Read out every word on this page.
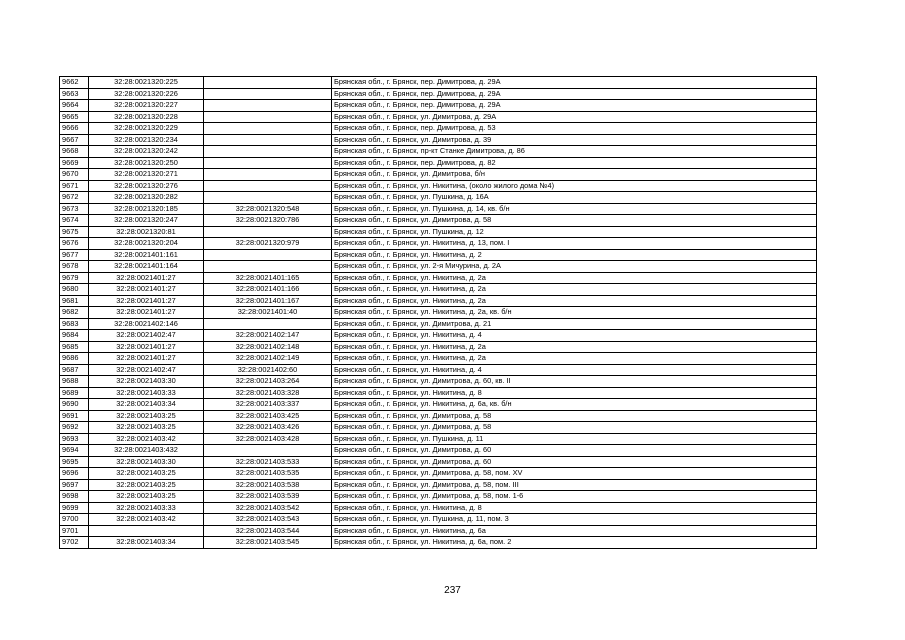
9662	32:28:0021320:225		Брянская обл., г. Брянск, пер. Димитрова, д. 29А
9663	32:28:0021320:226		Брянская обл., г. Брянск, пер. Димитрова, д. 29А
9664	32:28:0021320:227		Брянская обл., г. Брянск, пер. Димитрова, д. 29А
9665	32:28:0021320:228		Брянская обл., г. Брянск, ул. Димитрова, д. 29А
9666	32:28:0021320:229		Брянская обл., г. Брянск, пер. Димитрова, д. 53
9667	32:28:0021320:234		Брянская обл., г. Брянск, ул. Димитрова, д. 39
9668	32:28:0021320:242		Брянская обл., г. Брянск, пр-кт Станке Димитрова, д. 86
9669	32:28:0021320:250		Брянская обл., г. Брянск, пер. Димитрова, д. 82
9670	32:28:0021320:271		Брянская обл., г. Брянск, ул. Димитрова, б/н
9671	32:28:0021320:276		Брянская обл., г. Брянск, ул. Никитина, (около жилого дома №4)
9672	32:28:0021320:282		Брянская обл., г. Брянск, ул. Пушкина, д. 16А
9673	32:28:0021320:185	32:28:0021320:548	Брянская обл., г. Брянск, ул. Пушкина, д. 14, кв. б/н
9674	32:28:0021320:247	32:28:0021320:786	Брянская обл., г. Брянск, ул. Димитрова, д. 58
9675	32:28:0021320:81		Брянская обл., г. Брянск, ул. Пушкина, д. 12
9676	32:28:0021320:204	32:28:0021320:979	Брянская обл., г. Брянск, ул. Никитина, д. 13, пом. I
9677	32:28:0021401:161		Брянская обл., г. Брянск, ул. Никитина, д. 2
9678	32:28:0021401:164		Брянская обл., г. Брянск, ул. 2-я Мичурина, д. 2А
9679	32:28:0021401:27	32:28:0021401:165	Брянская обл., г. Брянск, ул. Никитина, д. 2а
9680	32:28:0021401:27	32:28:0021401:166	Брянская обл., г. Брянск, ул. Никитина, д. 2а
9681	32:28:0021401:27	32:28:0021401:167	Брянская обл., г. Брянск, ул. Никитина, д. 2а
9682	32:28:0021401:27	32:28:0021401:40	Брянская обл., г. Брянск, ул. Никитина, д. 2а, кв. б/н
9683	32:28:0021402:146		Брянская обл., г. Брянск, ул. Димитрова, д. 21
9684	32:28:0021402:47	32:28:0021402:147	Брянская обл., г. Брянск, ул. Никитина, д. 4
9685	32:28:0021401:27	32:28:0021402:148	Брянская обл., г. Брянск, ул. Никитина, д. 2а
9686	32:28:0021401:27	32:28:0021402:149	Брянская обл., г. Брянск, ул. Никитина, д. 2а
9687	32:28:0021402:47	32:28:0021402:60	Брянская обл., г. Брянск, ул. Никитина, д. 4
9688	32:28:0021403:30	32:28:0021403:264	Брянская обл., г. Брянск, ул. Димитрова, д. 60, кв. II
9689	32:28:0021403:33	32:28:0021403:328	Брянская обл., г. Брянск, ул. Никитина, д. 8
9690	32:28:0021403:34	32:28:0021403:337	Брянская обл., г. Брянск, ул. Никитина, д. 6а, кв. б/н
9691	32:28:0021403:25	32:28:0021403:425	Брянская обл., г. Брянск, ул. Димитрова, д. 58
9692	32:28:0021403:25	32:28:0021403:426	Брянская обл., г. Брянск, ул. Димитрова, д. 58
9693	32:28:0021403:42	32:28:0021403:428	Брянская обл., г. Брянск, ул. Пушкина, д. 11
9694	32:28:0021403:432		Брянская обл., г. Брянск, ул. Димитрова, д. 60
9695	32:28:0021403:30	32:28:0021403:533	Брянская обл., г. Брянск, ул. Димитрова, д. 60
9696	32:28:0021403:25	32:28:0021403:535	Брянская обл., г. Брянск, ул. Димитрова, д. 58, пом. XV
9697	32:28:0021403:25	32:28:0021403:538	Брянская обл., г. Брянск, ул. Димитрова, д. 58, пом. III
9698	32:28:0021403:25	32:28:0021403:539	Брянская обл., г. Брянск, ул. Димитрова, д. 58, пом. 1-6
9699	32:28:0021403:33	32:28:0021403:542	Брянская обл., г. Брянск, ул. Никитина, д. 8
9700	32:28:0021403:42	32:28:0021403:543	Брянская обл., г. Брянск, ул. Пушкина, д. 11, пом. 3
9701		32:28:0021403:544	Брянская обл., г. Брянск, ул. Никитина, д. 6а
9702	32:28:0021403:34	32:28:0021403:545	Брянская обл., г. Брянск, ул. Никитина, д. 6а, пом. 2
237
